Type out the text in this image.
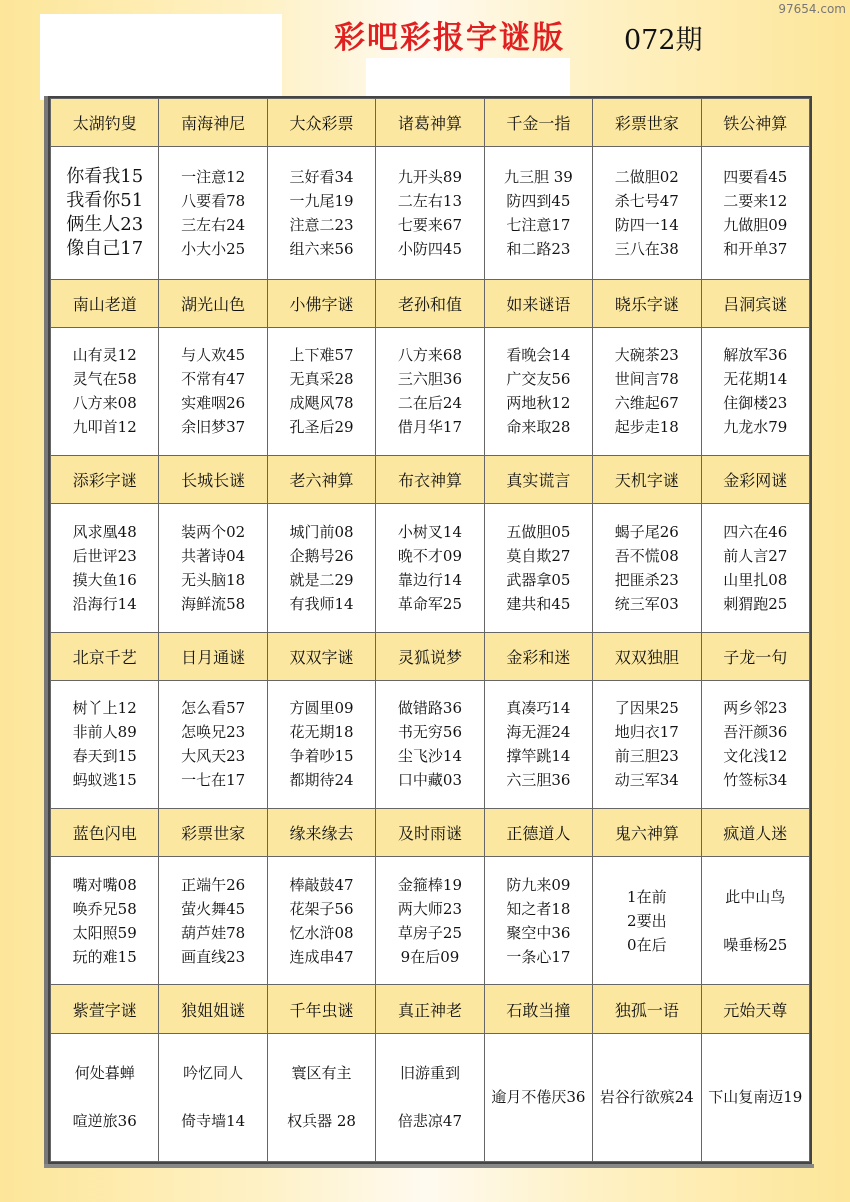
彩吧彩报字谜版 072期
97654.com
太湖钓叟	南海神尼	大众彩票	诸葛神算	千金一指	彩票世家	铁公神算

你看我15
我看你51
俩生人23
像自己17	一注意12
八要看78
三左右24
小大小25	三好看34
一九尾19
注意二23
组六来56	九开头89
二左右13
七要来67
小防四45	九三胆 39
防四到45
七注意17
和二路23	二做胆02
杀七号47
防四一14
三八在38	四要看45
二要来12
九做胆09
和开单37

南山老道	湖光山色	小佛字谜	老孙和值	如来谜语	晓乐字谜	吕洞宾谜

山有灵12
灵气在58
八方来08
九叩首12	与人欢45
不常有47
实难咽26
余旧梦37	上下难57
无真采28
成飓风78
孔圣后29	八方来68
三六胆36
二在后24
借月华17	看晚会14
广交友56
两地秋12
命来取28	大碗茶23
世间言78
六维起67
起步走18	解放军36
无花期14
住御楼23
九龙水79

添彩字谜	长城长谜	老六神算	布衣神算	真实谎言	天机字谜	金彩网谜

风求凰48
后世评23
摸大鱼16
沿海行14	装两个02
共著诗04
无头脑18
海鲜流58	城门前08
企鹅号26
就是二29
有我师14	小树叉14
晚不才09
靠边行14
革命军25	五做胆05
莫自欺27
武器拿05
建共和45	蝎子尾26
吾不慌08
把匪杀23
统三军03	四六在46
前人言27
山里扎08
刺猬跑25

北京千艺	日月通谜	双双字谜	灵狐说梦	金彩和迷	双双独胆	子龙一句

树丫上12
非前人89
春天到15
蚂蚁逃15	怎么看57
怎唤兄23
大风天23
一七在17	方圆里09
花无期18
争着吵15
都期待24	做错路36
书无穷56
尘飞沙14
口中藏03	真凑巧14
海无涯24
撑竿跳14
六三胆36	了因果25
地归衣17
前三胆23
动三军34	两乡邻23
吾汗颜36
文化浅12
竹签标34

蓝色闪电	彩票世家	缘来缘去	及时雨谜	正德道人	鬼六神算	疯道人迷

嘴对嘴08
唤乔兄58
太阳照59
玩的难15	正端午26
萤火舞45
葫芦娃78
画直线23	棒敲鼓47
花架子56
忆水浒08
连成串47	金箍棒19
两大师23
草房子25
9在后09	防九来09
知之者18
聚空中36
一条心17	1在前
2要出
0在后	此中山鸟
噪垂杨25

紫萱字谜	狼姐姐谜	千年虫谜	真正神老	石敢当撞	独孤一语	元始天尊

何处暮蝉
喧逆旅36	吟忆同人
倚寺墙14	寰区有主
权兵器 28	旧游重到
倍悲凉47	逾月不倦厌36	岩谷行欲殡24	下山复南迈19
